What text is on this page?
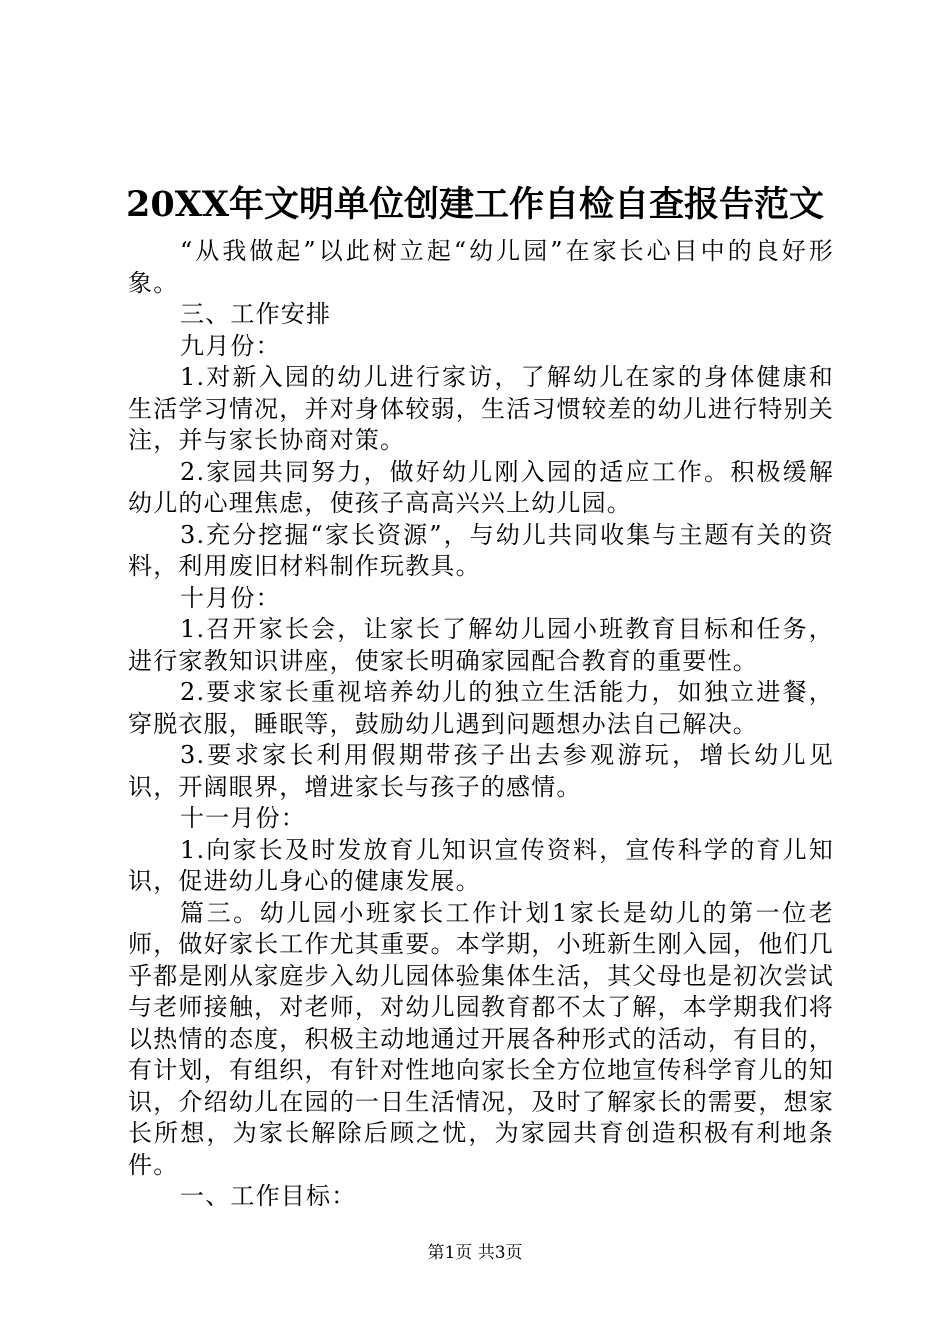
20XX年文明单位创建工作自检自查报告范文

“从我做起”以此树立起“幼儿园”在家长心目中的良好形象。

三、工作安排

九月份：

1.对新入园的幼儿进行家访，了解幼儿在家的身体健康和生活学习情况，并对身体较弱，生活习惯较差的幼儿进行特别关注，并与家长协商对策。

2.家园共同努力，做好幼儿刚入园的适应工作。积极缓解幼儿的心理焦虑，使孩子高高兴兴上幼儿园。

3.充分挖掘“家长资源”，与幼儿共同收集与主题有关的资料，利用废旧材料制作玩教具。

十月份：

1.召开家长会，让家长了解幼儿园小班教育目标和任务，进行家教知识讲座，使家长明确家园配合教育的重要性。

2.要求家长重视培养幼儿的独立生活能力，如独立进餐，穿脱衣服，睡眠等，鼓励幼儿遇到问题想办法自己解决。

3.要求家长利用假期带孩子出去参观游玩，增长幼儿见识，开阔眼界，增进家长与孩子的感情。

十一月份：

1.向家长及时发放育儿知识宣传资料，宣传科学的育儿知识，促进幼儿身心的健康发展。

篇三。幼儿园小班家长工作计划1家长是幼儿的第一位老师，做好家长工作尤其重要。本学期，小班新生刚入园，他们几乎都是刚从家庭步入幼儿园体验集体生活，其父母也是初次尝试与老师接触，对老师，对幼儿园教育都不太了解，本学期我们将以热情的态度，积极主动地通过开展各种形式的活动，有目的，有计划，有组织，有针对性地向家长全方位地宣传科学育儿的知识，介绍幼儿在园的一日生活情况，及时了解家长的需要，想家长所想，为家长解除后顾之忧，为家园共育创造积极有利地条件。

一、工作目标：

第1页 共3页
